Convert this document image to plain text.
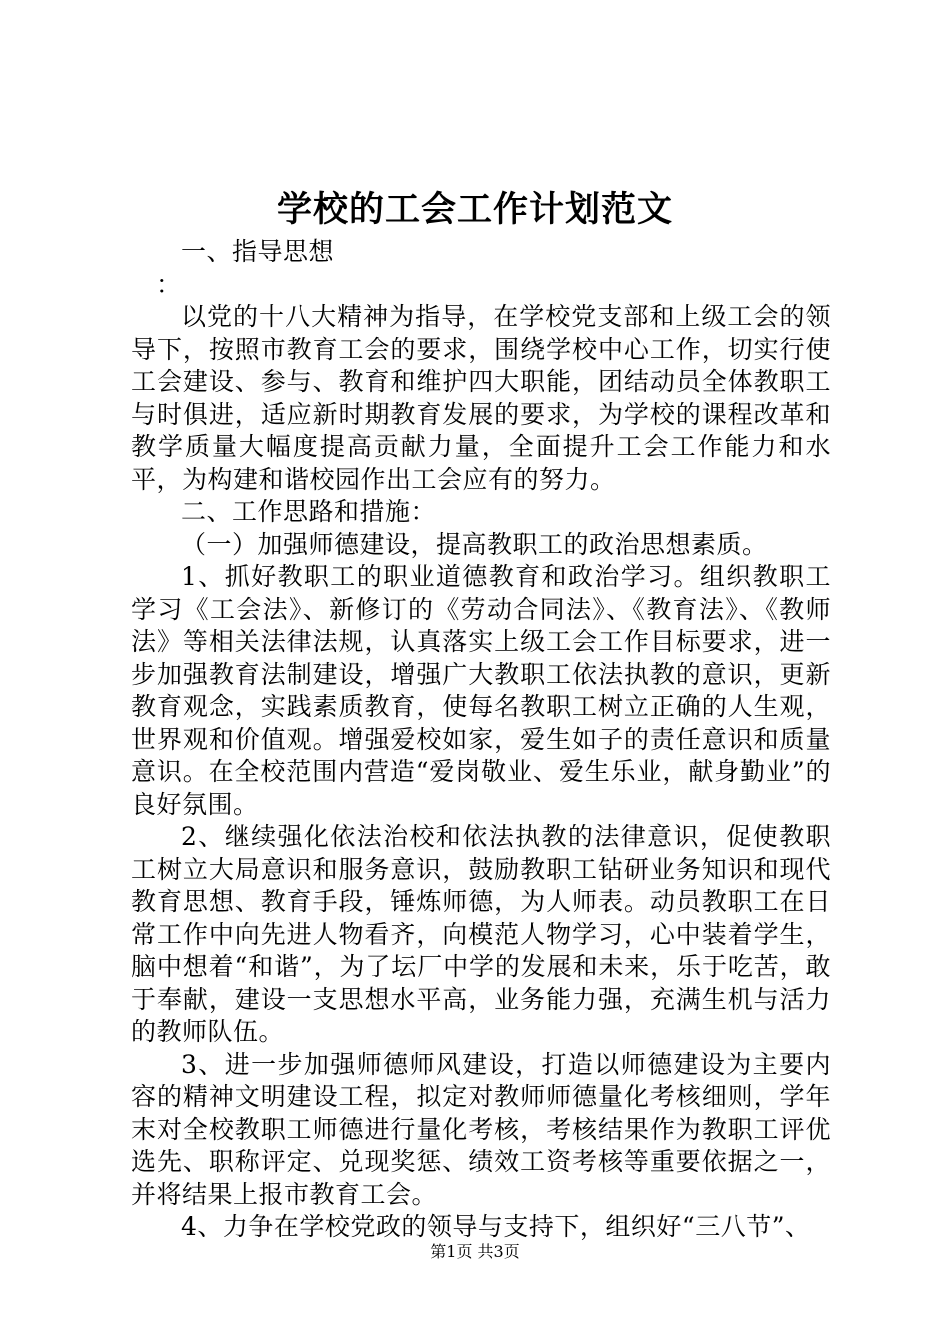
学校的工会工作计划范文

一、指导思想

：

以党的十八大精神为指导，在学校党支部和上级工会的领导下，按照市教育工会的要求，围绕学校中心工作，切实行使工会建设、参与、教育和维护四大职能，团结动员全体教职工与时俱进，适应新时期教育发展的要求，为学校的课程改革和教学质量大幅度提高贡献力量，全面提升工会工作能力和水平，为构建和谐校园作出工会应有的努力。

二、工作思路和措施：

（一）加强师德建设，提高教职工的政治思想素质。

1、抓好教职工的职业道德教育和政治学习。组织教职工学习《工会法》、新修订的《劳动合同法》、《教育法》、《教师法》等相关法律法规，认真落实上级工会工作目标要求，进一步加强教育法制建设，增强广大教职工依法执教的意识，更新教育观念，实践素质教育，使每名教职工树立正确的人生观，世界观和价值观。增强爱校如家，爱生如子的责任意识和质量意识。在全校范围内营造“爱岗敬业、爱生乐业，献身勤业”的良好氛围。

2、继续强化依法治校和依法执教的法律意识，促使教职工树立大局意识和服务意识，鼓励教职工钻研业务知识和现代教育思想、教育手段，锤炼师德，为人师表。动员教职工在日常工作中向先进人物看齐，向模范人物学习，心中装着学生，脑中想着“和谐”，为了坛厂中学的发展和未来，乐于吃苦，敢于奉献，建设一支思想水平高，业务能力强，充满生机与活力的教师队伍。

3、进一步加强师德师风建设，打造以师德建设为主要内容的精神文明建设工程，拟定对教师师德量化考核细则，学年末对全校教职工师德进行量化考核，考核结果作为教职工评优选先、职称评定、兑现奖惩、绩效工资考核等重要依据之一，并将结果上报市教育工会。

4、力争在学校党政的领导与支持下，组织好“三八节”、

第1页 共3页
